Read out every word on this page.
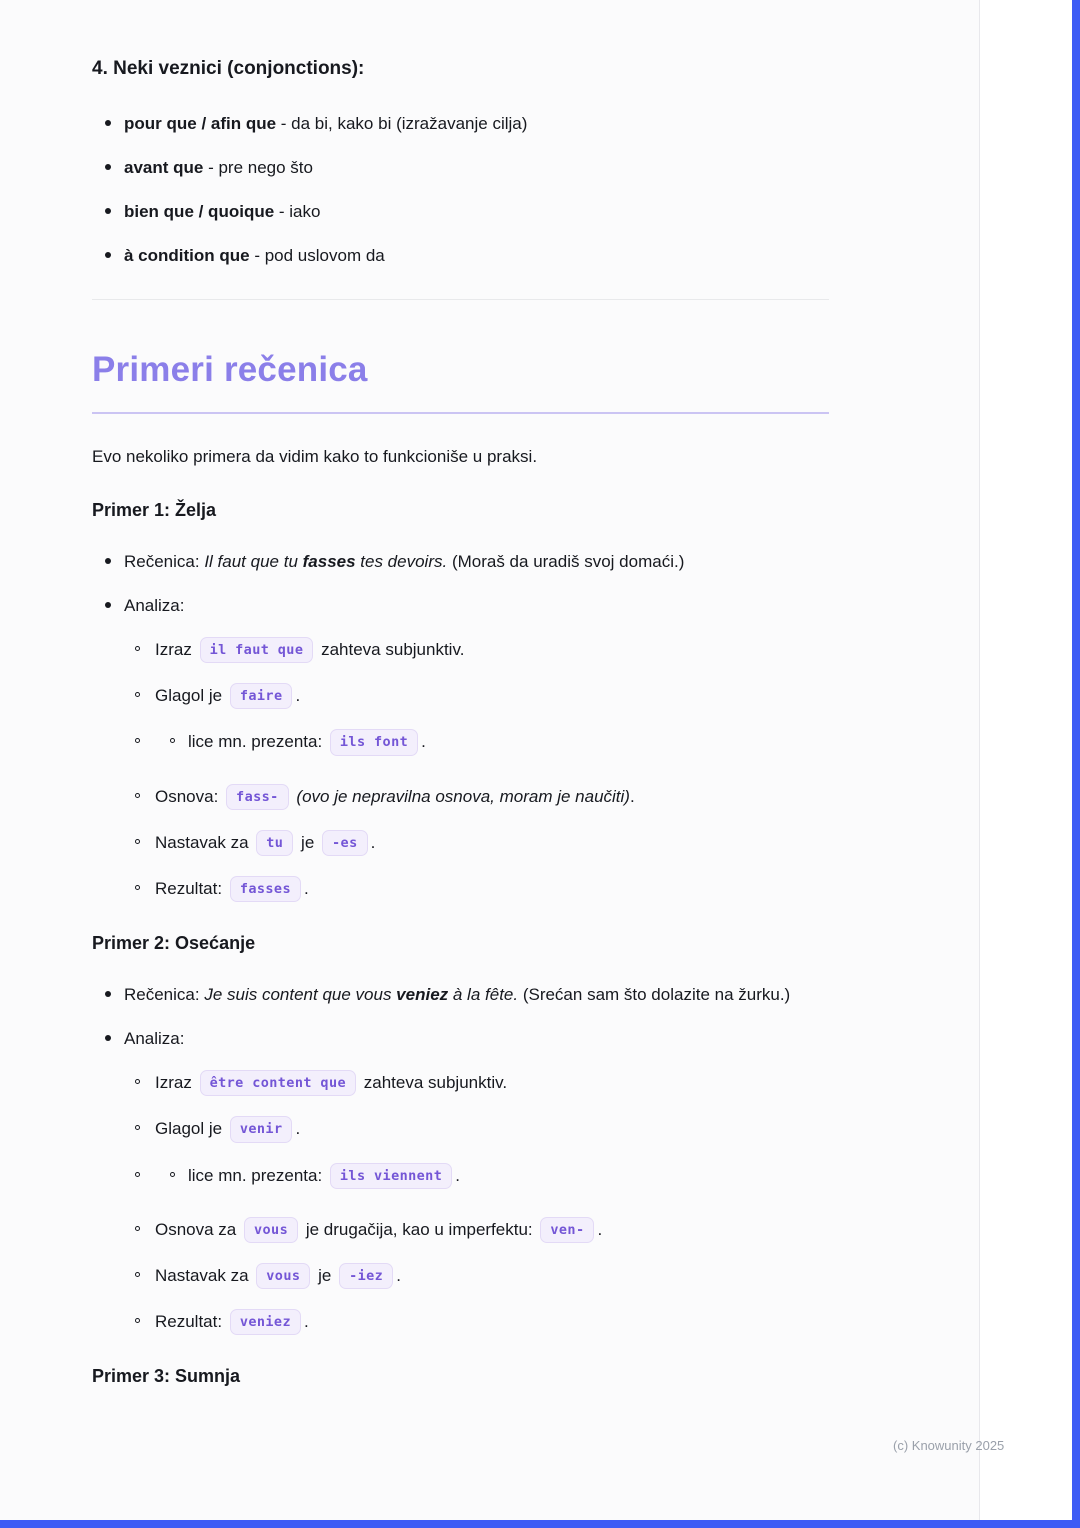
4. Neki veznici (conjonctions):
pour que / afin que - da bi, kako bi (izražavanje cilja)
avant que - pre nego što
bien que / quoique - iako
à condition que - pod uslovom da
Primeri rečenica

Evo nekoliko primera da vidim kako to funkcioniše u praksi.

Primer 1: Želja
Rečenica: Il faut que tu fasses tes devoirs. (Moraš da uradiš svoj domaći.)
Analiza:
Izraz il faut que zahteva subjunktiv.
Glagol je faire .
lice mn. prezenta: ils font .
Osnova: fass- (ovo je nepravilna osnova, moram je naučiti).
Nastavak za tu je -es .
Rezultat: fasses .
Primer 2: Osećanje
Rečenica: Je suis content que vous veniez à la fête. (Srećan sam što dolazite na žurku.)
Analiza:
Izraz être content que zahteva subjunktiv.
Glagol je venir .
lice mn. prezenta: ils viennent .
Osnova za vous je drugačija, kao u imperfektu: ven- .
Nastavak za vous je -iez .
Rezultat: veniez .
Primer 3: Sumnja
(c) Knowunity 2025
